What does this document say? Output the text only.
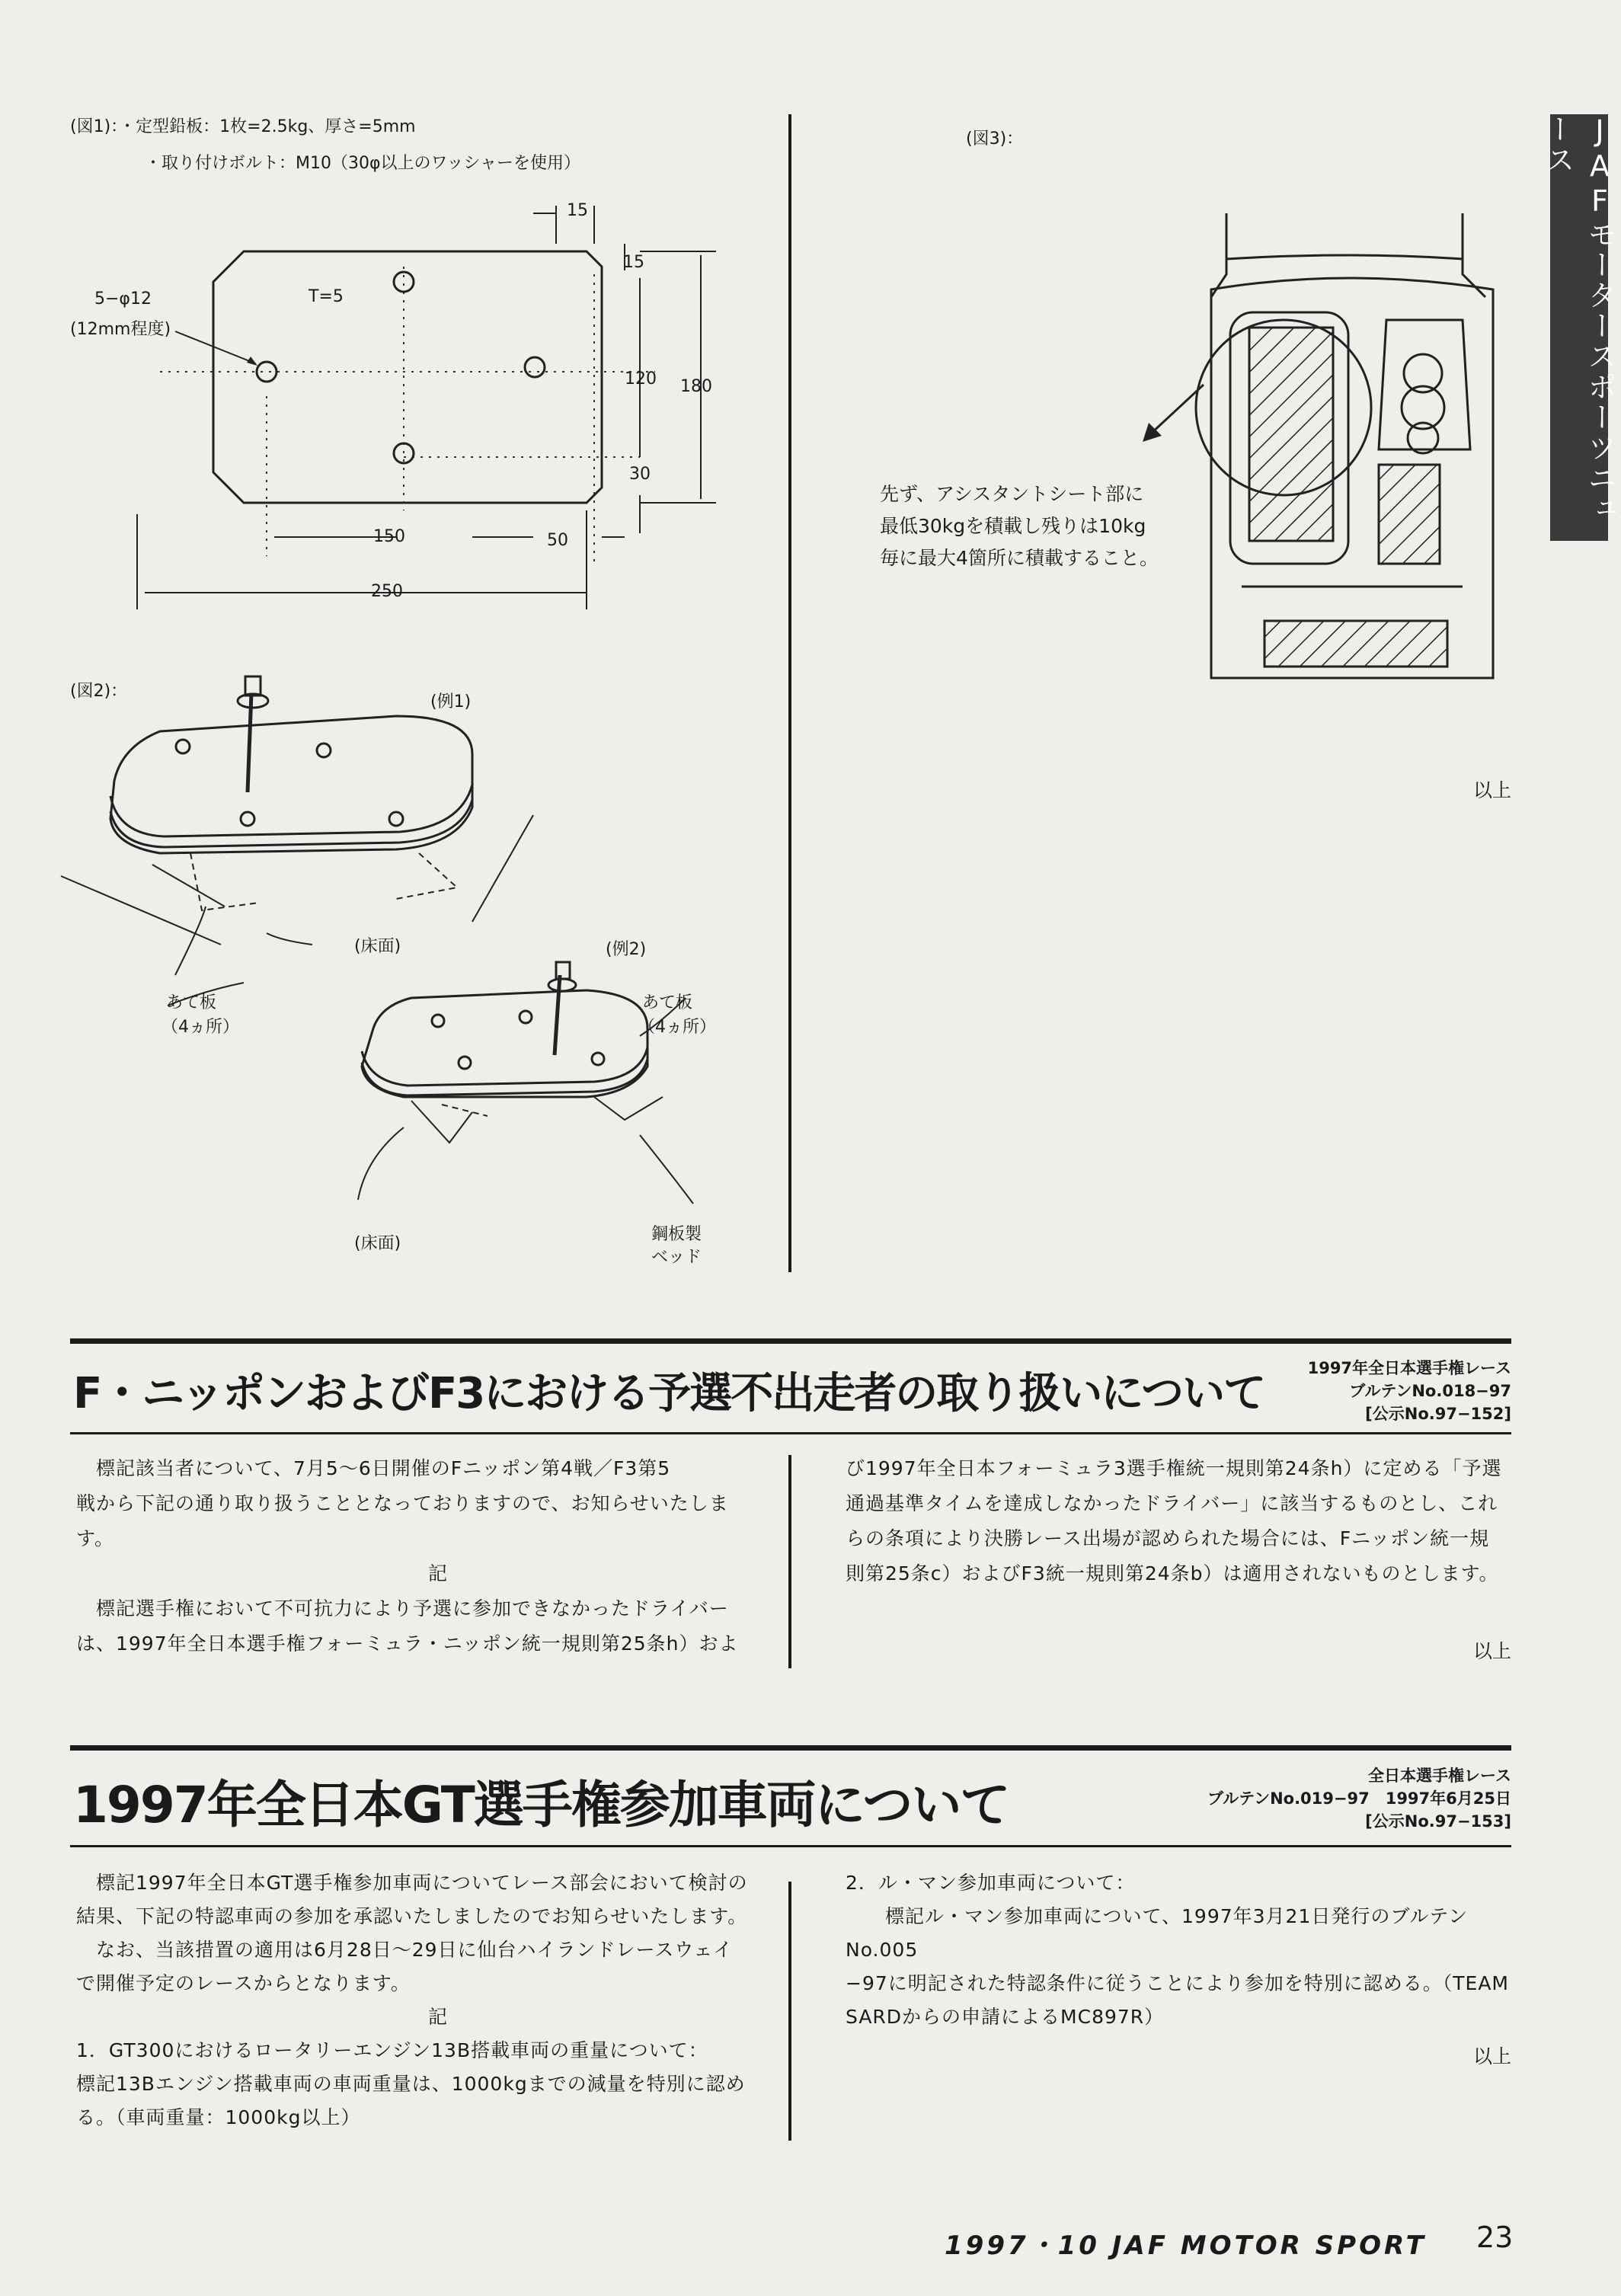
JAFモータースポーツニュース
(図1)：・定型鉛板：1枚=2.5kg、厚さ=5mm
・取り付けボルト：M10（30φ以上のワッシャーを使用）
5−φ12
(12mm程度)
T=5
15
15
120 180
30
150	50
250
(図2)：
(例1)
(例2)
(床面)
(床面)
あて板
（4ヵ所）
あて板
（4ヵ所）
鋼板製
ベッド
(図3)：
先ず、アシスタントシート部に
最低30kgを積載し残りは10kg
毎に最大4箇所に積載すること。
以上
F・ニッポンおよびF3における予選不出走者の取り扱いについて
1997年全日本選手権レース
ブルテンNo.018−97
[公示No.97−152]
　標記該当者について、7月5〜6日開催のFニッポン第4戦／F3第5
戦から下記の通り取り扱うこととなっておりますので、お知らせいたしま
す。
記
　標記選手権において不可抗力により予選に参加できなかったドライバー
は、1997年全日本選手権フォーミュラ・ニッポン統一規則第25条h）およ
び1997年全日本フォーミュラ3選手権統一規則第24条h）に定める「予選
通過基準タイムを達成しなかったドライバー」に該当するものとし、これ
らの条項により決勝レース出場が認められた場合には、Fニッポン統一規
則第25条c）およびF3統一規則第24条b）は適用されないものとします。
以上
1997年全日本GT選手権参加車両について	全日本選手権レース
ブルテンNo.019−97　1997年6月25日
[公示No.97−153]
　標記1997年全日本GT選手権参加車両についてレース部会において検討の
結果、下記の特認車両の参加を承認いたしましたのでお知らせいたします。
　なお、当該措置の適用は6月28日〜29日に仙台ハイランドレースウェイ
で開催予定のレースからとなります。
記
1．GT300におけるロータリーエンジン13B搭載車両の重量について：
標記13Bエンジン搭載車両の車両重量は、1000kgまでの減量を特別に認め
る。（車両重量：1000kg以上）
2．ル・マン参加車両について：
　　標記ル・マン参加車両について、1997年3月21日発行のブルテンNo.005
−97に明記された特認条件に従うことにより参加を特別に認める。（TEAM
SARDからの申請によるMC897R）
以上
1997・10 JAF MOTOR SPORT 23
